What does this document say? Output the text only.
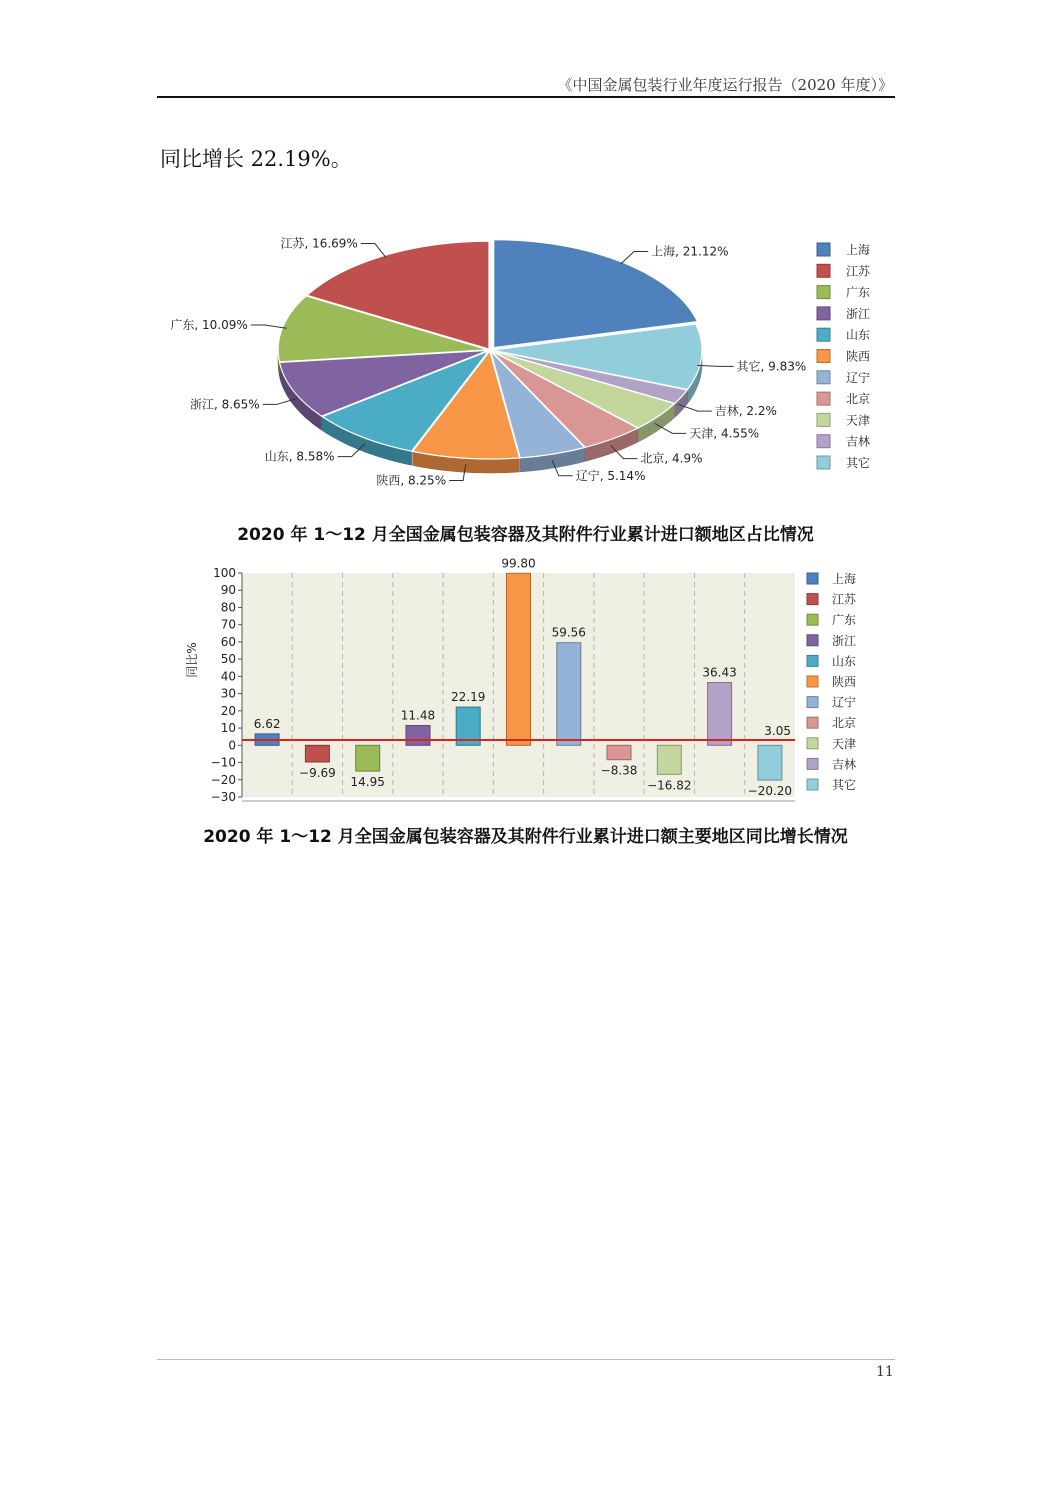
《中国金属包装行业年度运行报告（2020 年度）》
同比增长 22.19%。
上海, 21.12%
其它, 9.83%
吉林, 2.2%
天津, 4.55%
北京, 4.9%
辽宁, 5.14%
陕西, 8.25%
山东, 8.58%
浙江, 8.65%
广东, 10.09%
江苏, 16.69%	上海
江苏
广东
浙江
山东
陕西
辽宁
北京
天津
吉林
其它
2020 年 1～12 月全国金属包装容器及其附件行业累计进口额地区占比情况
100
90
80
70
60
50
40
30
20
10
0
−10
−20
−30
同比%
6.62
−9.69
14.95
11.48
22.19
99.80
59.56
−8.38
−16.82
36.43
−20.20
3.05
上海
江苏
广东
浙江
山东
陕西
辽宁
北京
天津
吉林
其它
2020 年 1～12 月全国金属包装容器及其附件行业累计进口额主要地区同比增长情况
11
